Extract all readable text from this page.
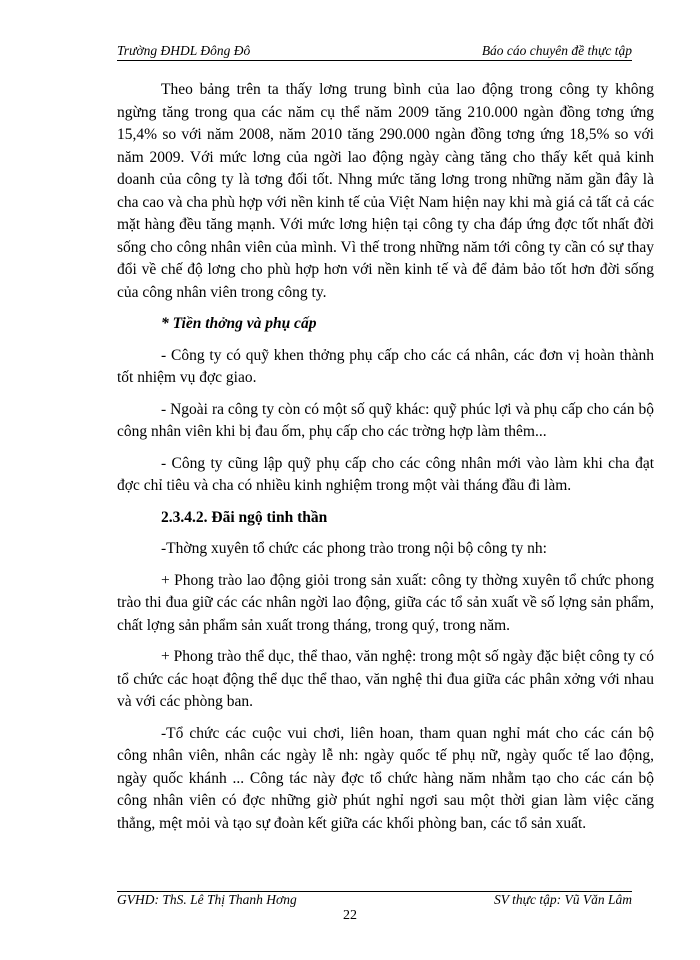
Trường ĐHDL Đông Đô	Báo cáo chuyên đề thực tập

Theo bảng trên ta thấy lơng trung bình của lao động trong công ty không ngừng tăng trong qua các năm cụ thể năm 2009 tăng 210.000 ngàn đồng tơng ứng 15,4% so với năm 2008, năm 2010 tăng 290.000 ngàn đồng tơng ứng 18,5% so với năm 2009. Với mức lơng của ngời lao động ngày càng tăng cho thấy kết quả kinh doanh của công ty là tơng đối tốt. Nhng mức tăng lơng trong những năm gần đây là cha cao và cha phù hợp với nền kinh tế của Việt Nam hiện nay khi mà giá cả tất cả các mặt hàng đều tăng mạnh. Với mức lơng hiện tại công ty cha đáp ứng đợc tốt nhất đời sống cho công nhân viên của mình. Vì thế trong những năm tới công ty cần có sự thay đổi về chế độ lơng cho phù hợp hơn với nền kinh tế và để đảm bảo tốt hơn đời sống của công nhân viên trong công ty.

* Tiền thởng và phụ cấp

- Công ty có quỹ khen thởng phụ cấp cho các cá nhân, các đơn vị hoàn thành tốt nhiệm vụ đợc giao.

- Ngoài ra công ty còn có một số quỹ khác: quỹ phúc lợi và phụ cấp cho cán bộ công nhân viên khi bị đau ốm, phụ cấp cho các trờng hợp làm thêm...

- Công ty cũng lập quỹ phụ cấp cho các công nhân mới vào làm khi cha đạt đợc chỉ tiêu và cha có nhiều kinh nghiệm trong một vài tháng đầu đi làm.

2.3.4.2. Đãi ngộ tinh thần

-Thờng xuyên tổ chức các phong trào trong nội bộ công ty nh:

+ Phong trào lao động giỏi trong sản xuất: công ty thờng xuyên tổ chức phong trào thi đua giữ các các nhân ngời lao động, giữa các tổ sản xuất về số lợng sản phẩm, chất lợng sản phẩm sản xuất trong tháng, trong quý, trong năm.

+ Phong trào thể dục, thể thao, văn nghệ: trong một số ngày đặc biệt công ty có tổ chức các hoạt động thể dục thể thao, văn nghệ thi đua giữa các phân xởng với nhau và với các phòng ban.

-Tổ chức các cuộc vui chơi, liên hoan, tham quan nghỉ mát cho các cán bộ công nhân viên, nhân các ngày lễ nh: ngày quốc tế phụ nữ, ngày quốc tế lao động, ngày quốc khánh ... Công tác này đợc tổ chức hàng năm nhằm tạo cho các cán bộ công nhân viên có đợc những giờ phút nghỉ ngơi sau một thời gian làm việc căng thẳng, mệt mỏi và tạo sự đoàn kết giữa các khối phòng ban, các tổ sản xuất.

GVHD: ThS. Lê Thị Thanh Hơng	SV thực tập: Vũ Văn Lâm
22
